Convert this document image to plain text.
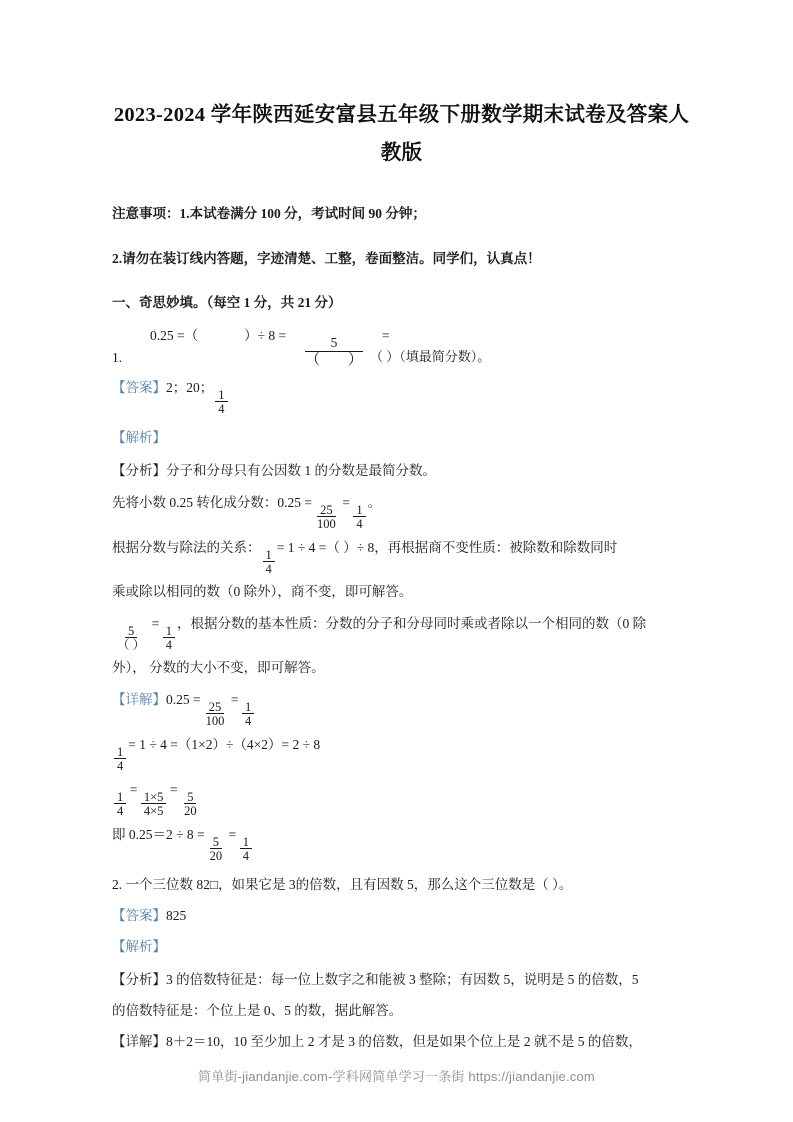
2023-2024 学年陕西延安富县五年级下册数学期末试卷及答案人教版

注意事项：1.本试卷满分 100 分，考试时间 90 分钟；

2.请勿在装订线内答题，字迹清楚、工整，卷面整洁。同学们，认真点！

一、奇思妙填。（每空 1 分，共 21 分）

1.
0.25 =（	）÷ 8 =
$\frac{5}{( )}$
=
（ ）（填最简分数）。

【答案】2；20；
$\frac{1}{4}$

【解析】

【分析】分子和分母只有公因数 1 的分数是最简分数。

先将小数 0.25 转化成分数：0.25 =
$\frac{25}{100}$
=
$\frac{1}{4}$
。

根据分数与除法的关系：
$\frac{1}{4}$
= 1 ÷ 4 =（ ）÷ 8，再根据商不变性质：被除数和除数同时

乘或除以相同的数（0 除外），商不变，即可解答。

$\frac{5}{( )}$
=
$\frac{1}{4}$
，根据分数的基本性质：分数的分子和分母同时乘或者除以一个相同的数（0 除

外）， 分数的大小不变，即可解答。

【详解】0.25 =
$\frac{25}{100}$
=
$\frac{1}{4}$

$\frac{1}{4}$
= 1 ÷ 4 =（1×2）÷（4×2）= 2 ÷ 8

$\frac{1}{4}$
=
$\frac{1\times 5}{4\times 5}$
=
$\frac{5}{20}$

即 0.25＝2 ÷ 8 =
$\frac{5}{20}$
=
$\frac{1}{4}$

2. 一个三位数 82□，如果它是 3的倍数，且有因数 5，那么这个三位数是（ ）。

【答案】825

【解析】

【分析】3 的倍数特征是：每一位上数字之和能被 3 整除；有因数 5，说明是 5 的倍数，5

的倍数特征是：个位上是 0、5 的数，据此解答。

【详解】8＋2＝10，10 至少加上 2 才是 3 的倍数，但是如果个位上是 2 就不是 5 的倍数，

简单街-jiandanjie.com-学科网简单学习一条街 https://jiandanjie.com
